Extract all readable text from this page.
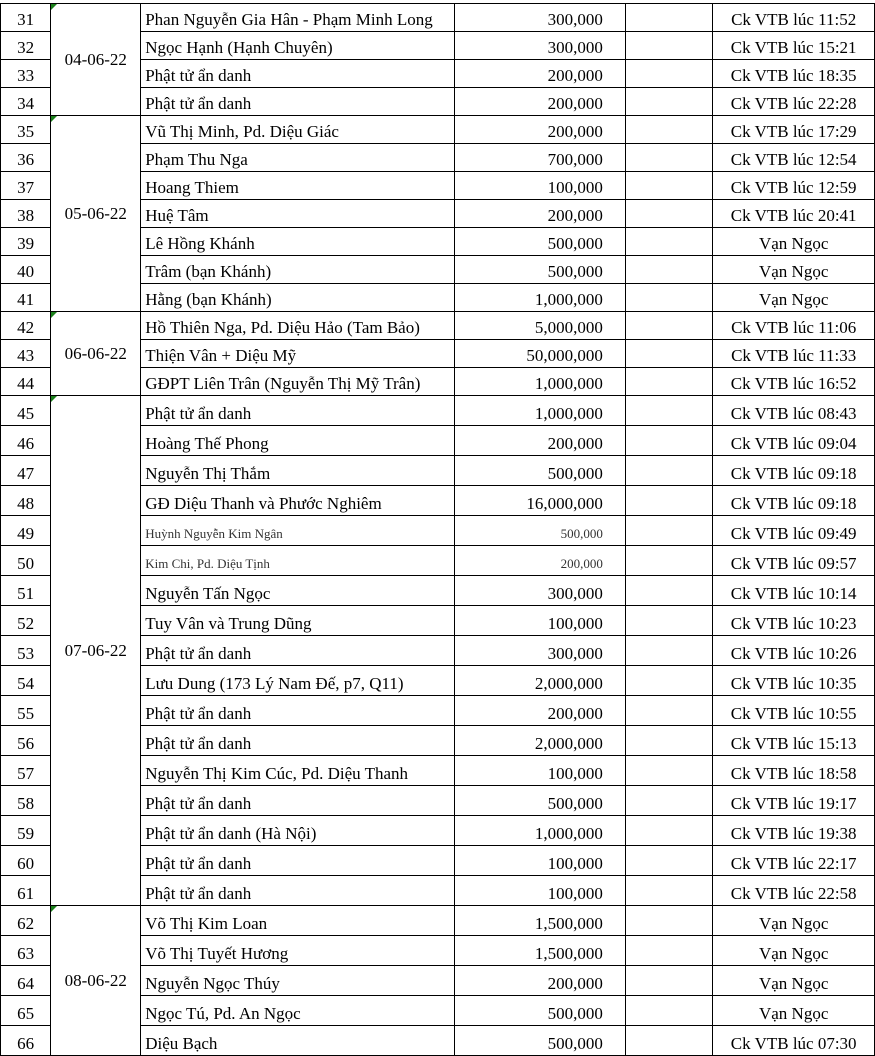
31	04-06-22	Phan Nguyễn Gia Hân - Phạm Minh Long	300,000		Ck VTB lúc 11:52
32		Ngọc Hạnh (Hạnh Chuyên)	300,000		Ck VTB lúc 15:21
33		Phật tử ẩn danh	200,000		Ck VTB lúc 18:35
34		Phật tử ẩn danh	200,000		Ck VTB lúc 22:28
35	05-06-22	Vũ Thị Minh, Pd. Diệu Giác	200,000		Ck VTB lúc 17:29
36		Phạm Thu Nga	700,000		Ck VTB lúc 12:54
37		Hoang Thiem	100,000		Ck VTB lúc 12:59
38		Huệ Tâm	200,000		Ck VTB lúc 20:41
39		Lê Hồng Khánh	500,000		Vạn Ngọc
40		Trâm (bạn Khánh)	500,000		Vạn Ngọc
41		Hằng (bạn Khánh)	1,000,000		Vạn Ngọc
42	06-06-22	Hồ Thiên Nga, Pd. Diệu Hảo (Tam Bảo)	5,000,000		Ck VTB lúc 11:06
43		Thiện Vân + Diệu Mỹ	50,000,000		Ck VTB lúc 11:33
44		GĐPT Liên Trân (Nguyễn Thị Mỹ Trân)	1,000,000		Ck VTB lúc 16:52
45	07-06-22	Phật tử ẩn danh	1,000,000		Ck VTB lúc 08:43
46		Hoàng Thế Phong	200,000		Ck VTB lúc 09:04
47		Nguyễn Thị Thắm	500,000		Ck VTB lúc 09:18
48		GĐ Diệu Thanh và Phước Nghiêm	16,000,000		Ck VTB lúc 09:18
49		Huỳnh Nguyễn Kim Ngân	500,000		Ck VTB lúc 09:49
50		Kim Chi, Pd. Diệu Tịnh	200,000		Ck VTB lúc 09:57
51		Nguyễn Tấn Ngọc	300,000		Ck VTB lúc 10:14
52		Tuy Vân và Trung Dũng	100,000		Ck VTB lúc 10:23
53		Phật tử ẩn danh	300,000		Ck VTB lúc 10:26
54		Lưu Dung (173 Lý Nam Đế, p7, Q11)	2,000,000		Ck VTB lúc 10:35
55		Phật tử ẩn danh	200,000		Ck VTB lúc 10:55
56		Phật tử ẩn danh	2,000,000		Ck VTB lúc 15:13
57		Nguyễn Thị Kim Cúc, Pd. Diệu Thanh	100,000		Ck VTB lúc 18:58
58		Phật tử ẩn danh	500,000		Ck VTB lúc 19:17
59		Phật tử ẩn danh (Hà Nội)	1,000,000		Ck VTB lúc 19:38
60		Phật tử ẩn danh	100,000		Ck VTB lúc 22:17
61		Phật tử ẩn danh	100,000		Ck VTB lúc 22:58
62	08-06-22	Võ Thị Kim Loan	1,500,000		Vạn Ngọc
63		Võ Thị Tuyết Hương	1,500,000		Vạn Ngọc
64		Nguyễn Ngọc Thúy	200,000		Vạn Ngọc
65		Ngọc Tú, Pd. An Ngọc	500,000		Vạn Ngọc
66		Diệu Bạch	500,000		Ck VTB lúc 07:30
